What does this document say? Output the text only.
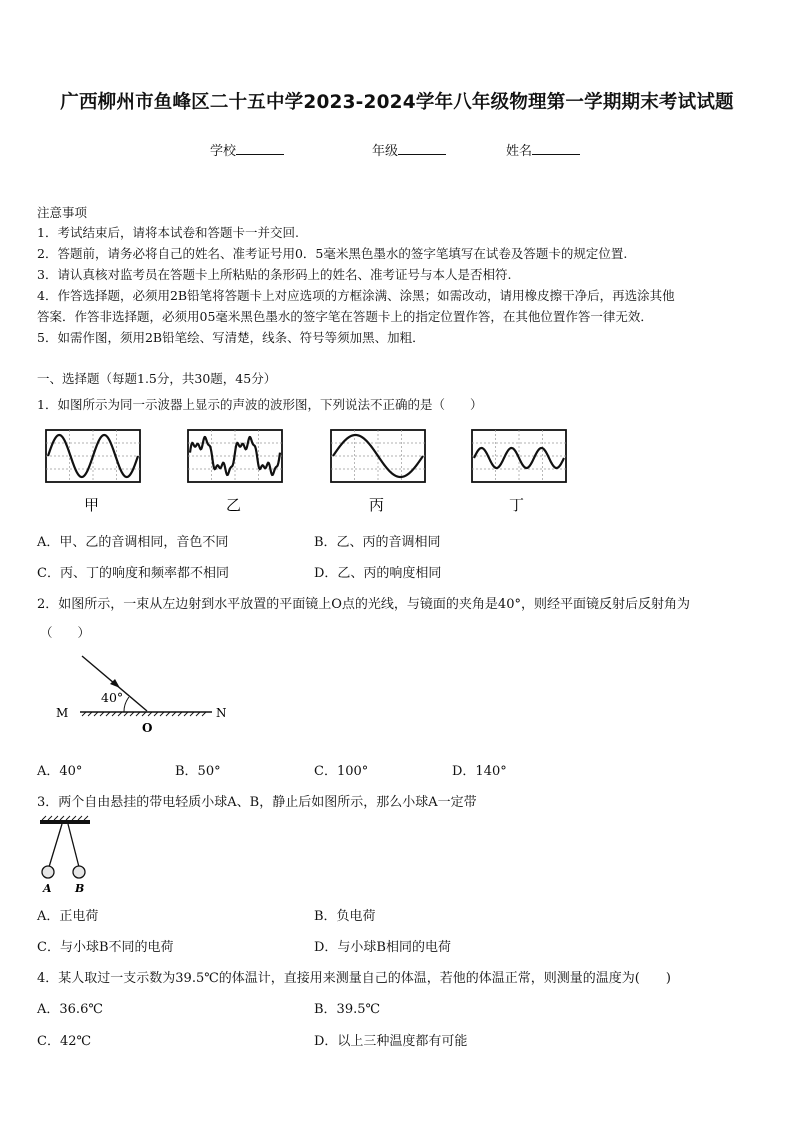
广西柳州市鱼峰区二十五中学2023-2024学年八年级物理第一学期期末考试试题
学校	年级	姓名
注意事项
1．考试结束后，请将本试卷和答题卡一并交回.
2．答题前，请务必将自己的姓名、准考证号用0．5毫米黑色墨水的签字笔填写在试卷及答题卡的规定位置.
3．请认真核对监考员在答题卡上所粘贴的条形码上的姓名、准考证号与本人是否相符.
4．作答选择题，必须用2B铅笔将答题卡上对应选项的方框涂满、涂黑；如需改动，请用橡皮擦干净后，再选涂其他
答案．作答非选择题，必须用05毫米黑色墨水的签字笔在答题卡上的指定位置作答，在其他位置作答一律无效．
5．如需作图，须用2B铅笔绘、写清楚，线条、符号等须加黑、加粗．
一、选择题（每题1.5分，共30题，45分）
1．如图所示为同一示波器上显示的声波的波形图，下列说法不正确的是（　　）
甲	乙	丙	丁
A．甲、乙的音调相同，音色不同	B．乙、丙的音调相同
C．丙、丁的响度和频率都不相同	D．乙、丙的响度相同
2．如图所示，一束从左边射到水平放置的平面镜上O点的光线，与镜面的夹角是40°，则经平面镜反射后反射角为
（　　）
40°
M	N
O
A．40°	B．50°	C．100°	D．140°
3．两个自由悬挂的带电轻质小球A、B，静止后如图所示，那么小球A一定带
A B
A．正电荷	B．负电荷
C．与小球B不同的电荷	D．与小球B相同的电荷
4．某人取过一支示数为39.5℃的体温计，直接用来测量自己的体温，若他的体温正常，则测量的温度为(　　)
A．36.6℃	B．39.5℃
C．42℃	D．以上三种温度都有可能
